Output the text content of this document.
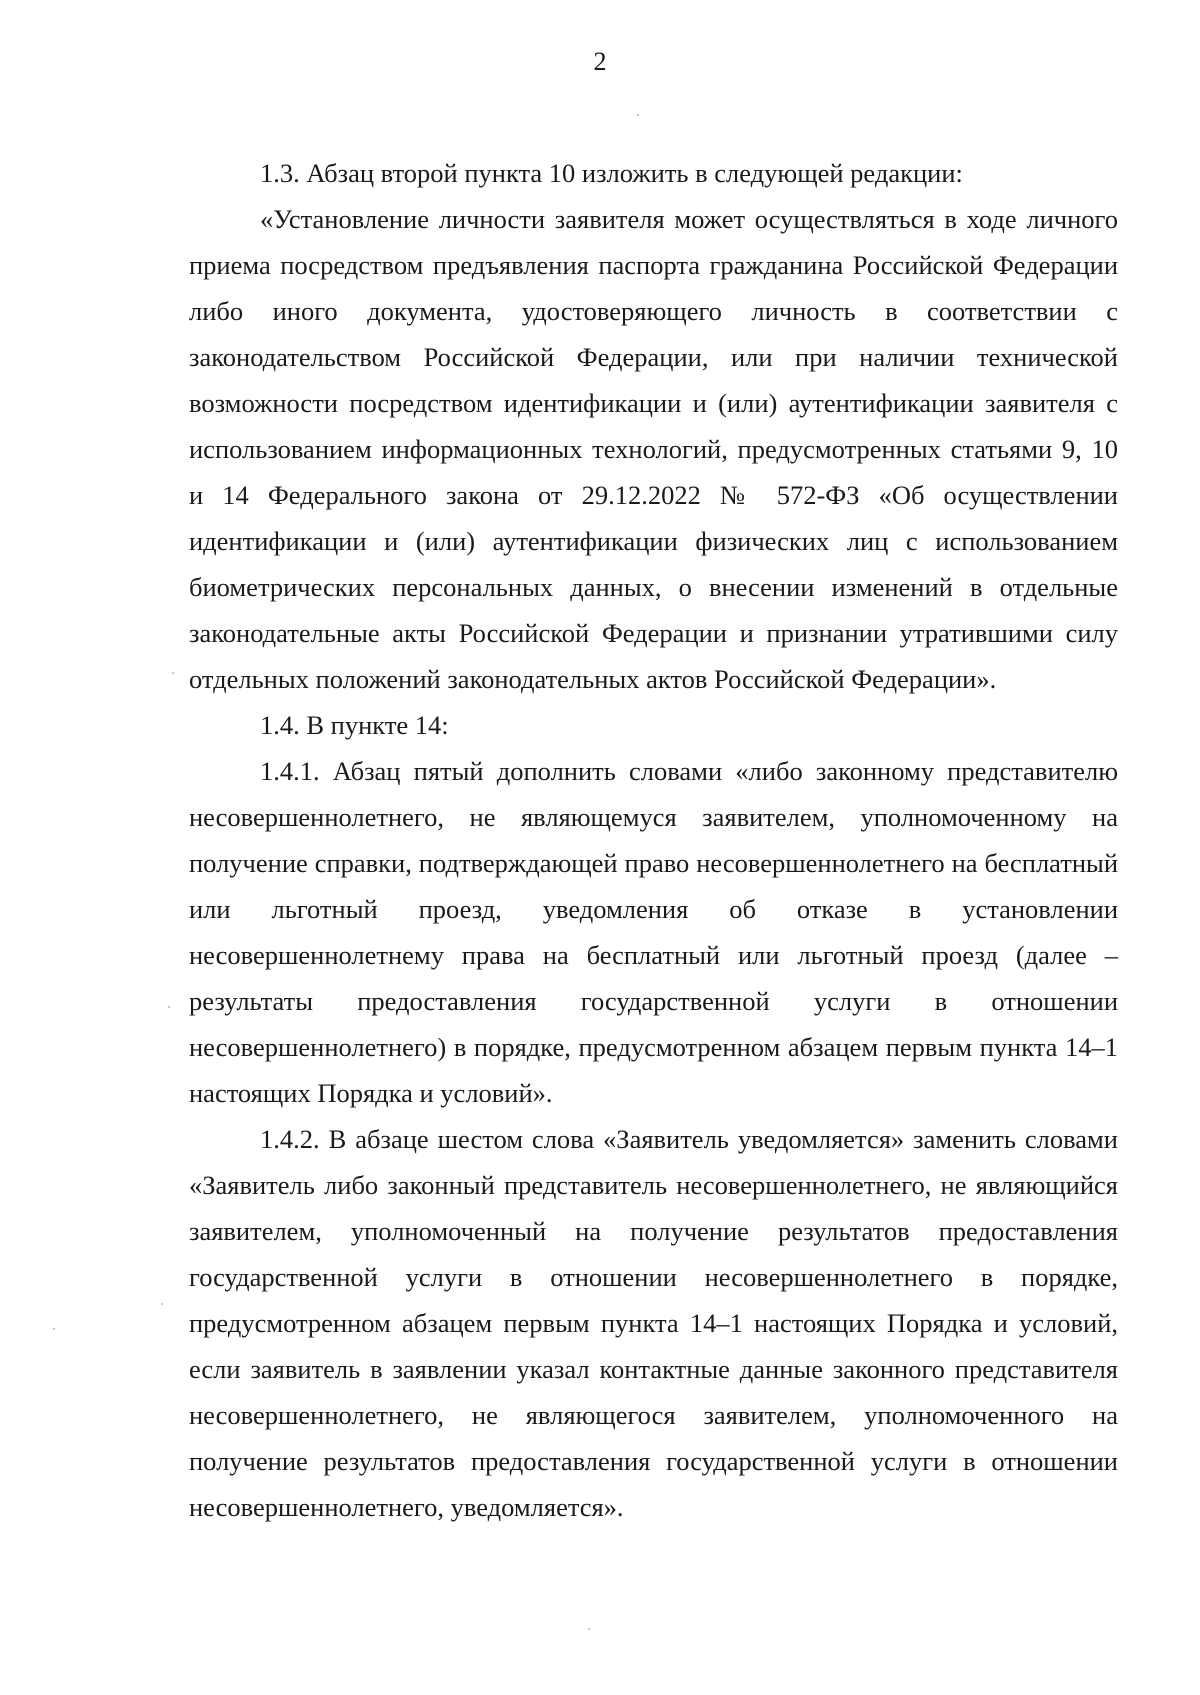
2

1.3. Абзац второй пункта 10 изложить в следующей редакции:

«Установление личности заявителя может осуществляться в ходе личного приема посредством предъявления паспорта гражданина Российской Федерации либо иного документа, удостоверяющего личность в соответствии с законодательством Российской Федерации, или при наличии технической возможности посредством идентификации и (или) аутентификации заявителя с использованием информационных технологий, предусмотренных статьями 9, 10 и 14 Федерального закона от 29.12.2022 № 572-ФЗ «Об осуществлении идентификации и (или) аутентификации физических лиц с использованием биометрических персональных данных, о внесении изменений в отдельные законодательные акты Российской Федерации и признании утратившими силу отдельных положений законодательных актов Российской Федерации».

1.4. В пункте 14:

1.4.1. Абзац пятый дополнить словами «либо законному представителю несовершеннолетнего, не являющемуся заявителем, уполномоченному на получение справки, подтверждающей право несовершеннолетнего на бесплатный или льготный проезд, уведомления об отказе в установлении несовершеннолетнему права на бесплатный или льготный проезд (далее – результаты предоставления государственной услуги в отношении несовершеннолетнего) в порядке, предусмотренном абзацем первым пункта 14–1 настоящих Порядка и условий».

1.4.2. В абзаце шестом слова «Заявитель уведомляется» заменить словами «Заявитель либо законный представитель несовершеннолетнего, не являющийся заявителем, уполномоченный на получение результатов предоставления государственной услуги в отношении несовершеннолетнего в порядке, предусмотренном абзацем первым пункта 14–1 настоящих Порядка и условий, если заявитель в заявлении указал контактные данные законного представителя несовершеннолетнего, не являющегося заявителем, уполномоченного на получение результатов предоставления государственной услуги в отношении несовершеннолетнего, уведомляется».
